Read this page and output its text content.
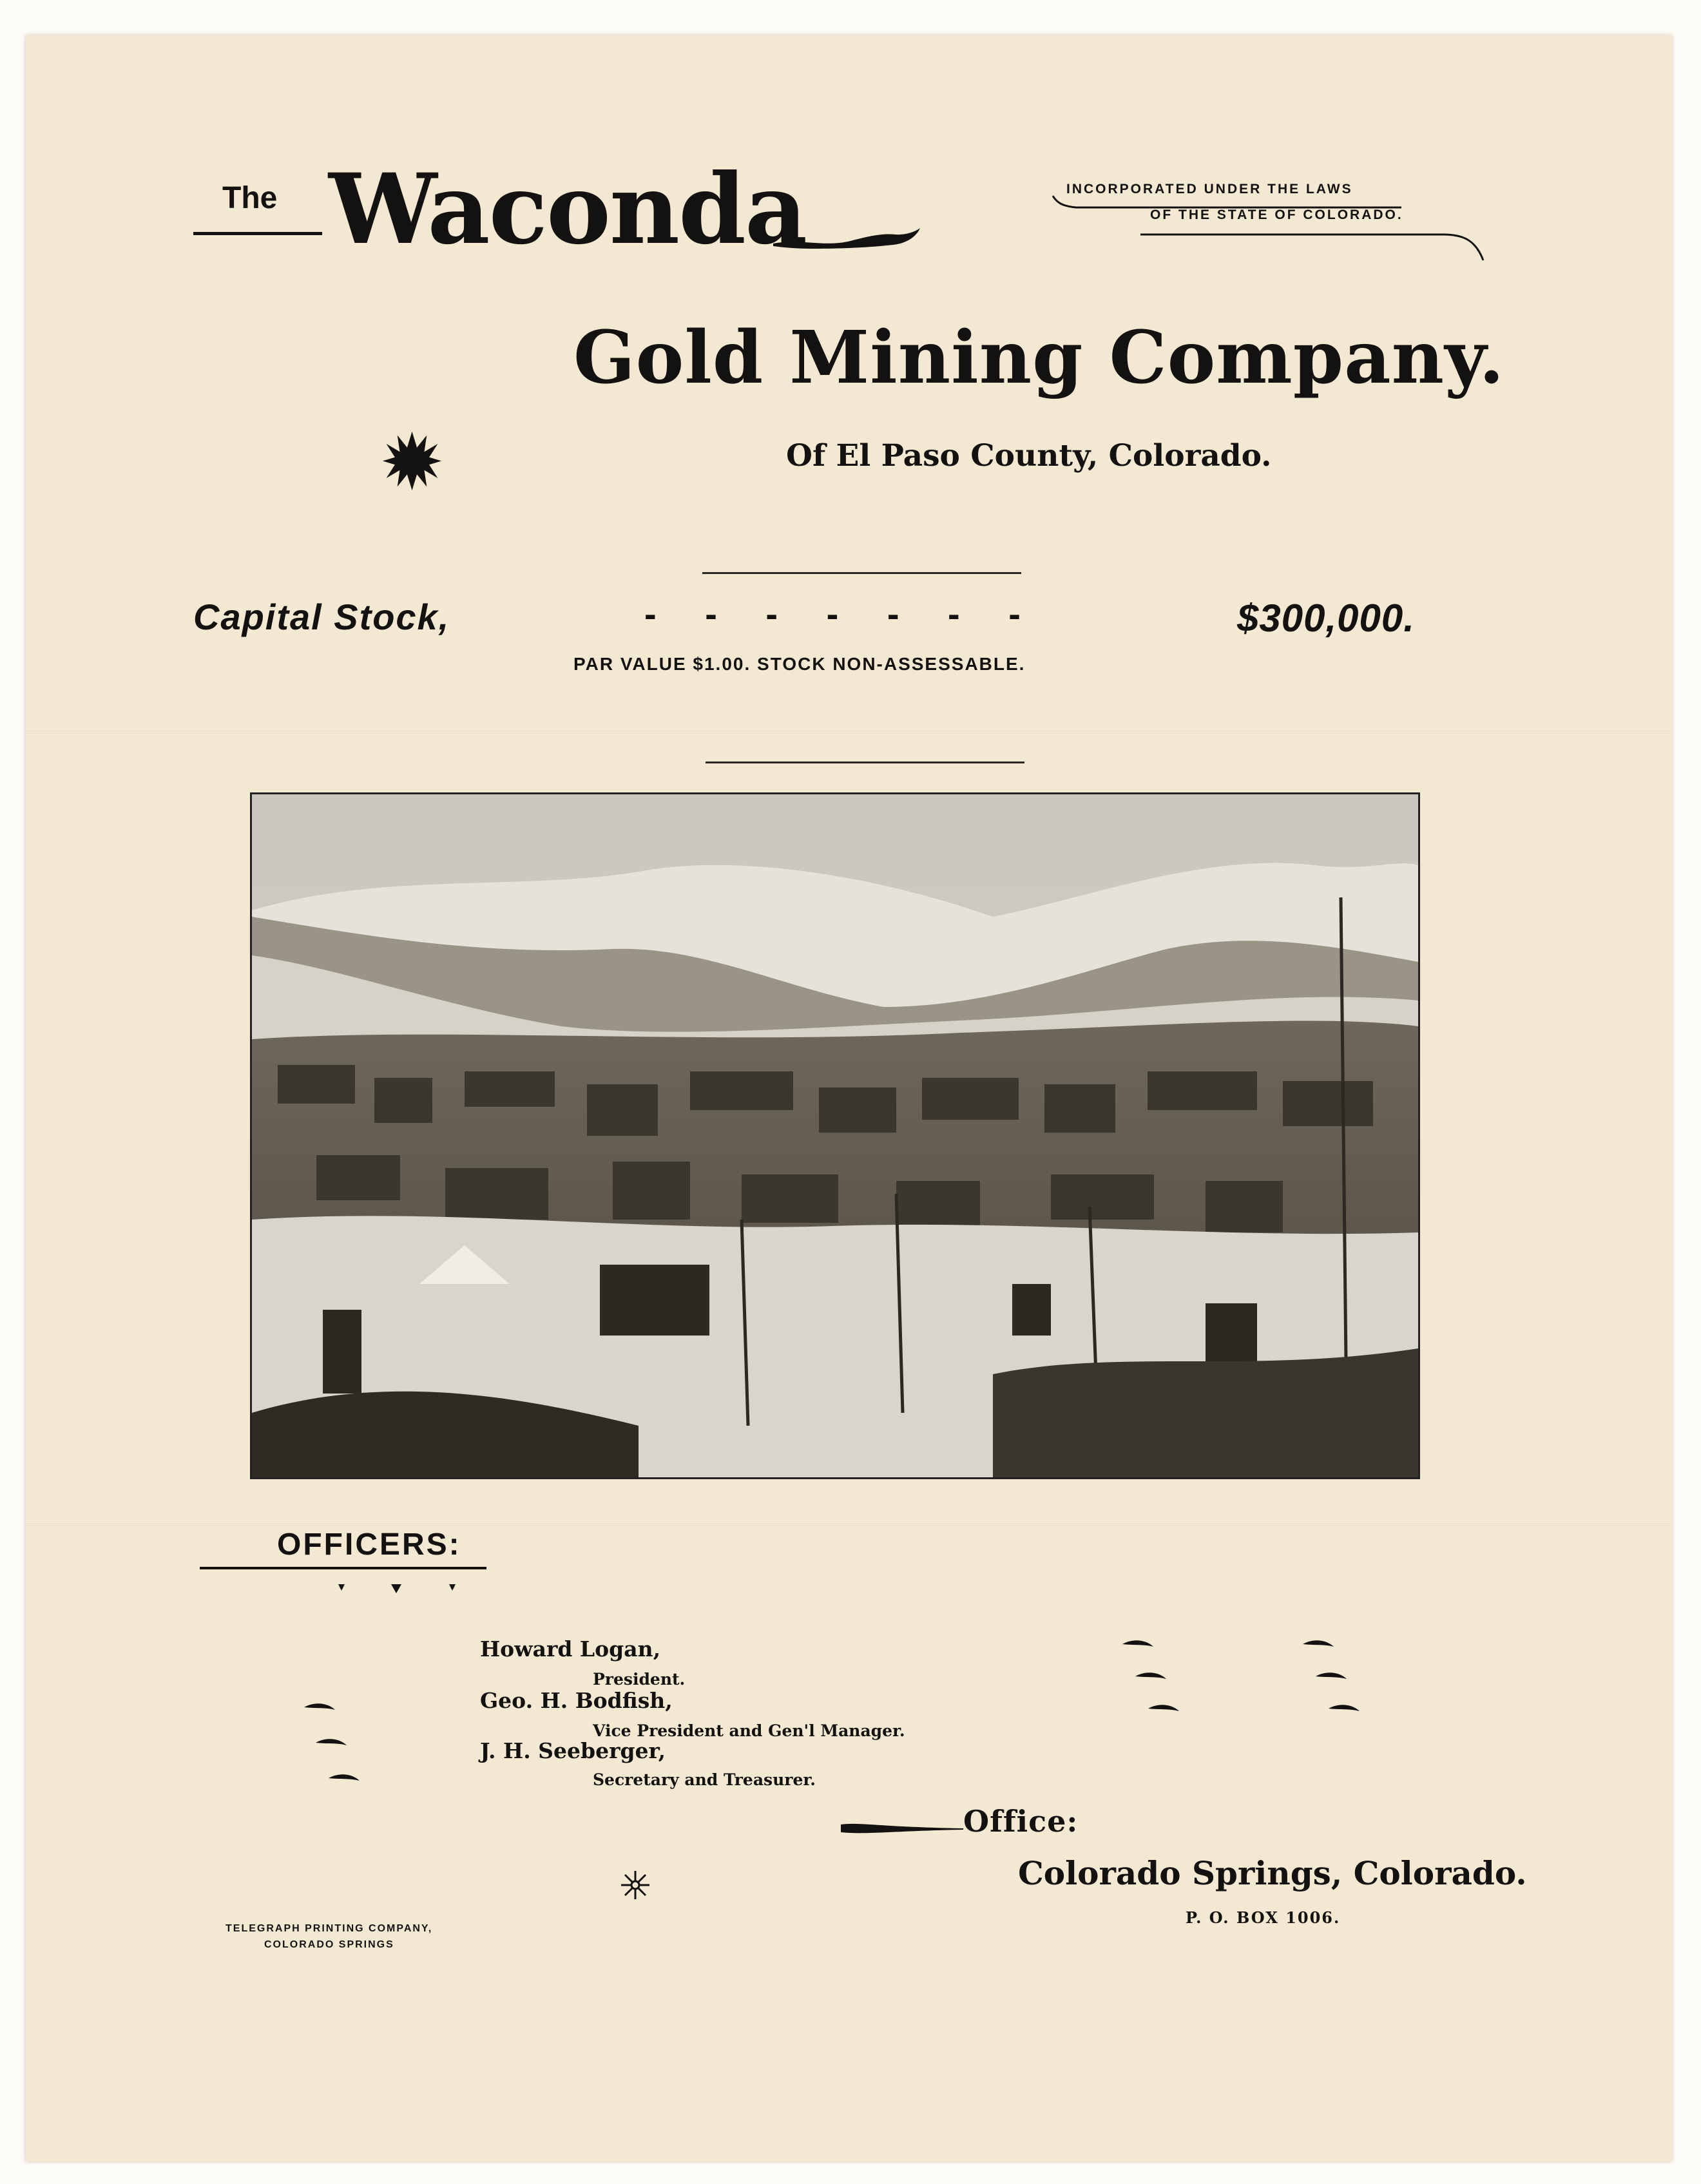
The Waconda	INCORPORATED UNDER THE LAWS
OF THE STATE OF COLORADO.
Gold Mining Company.
Of El Paso County, Colorado.
Capital Stock,	- - - - - - -	$300,000.
PAR VALUE $1.00. STOCK NON-ASSESSABLE.
OFFICERS:
Howard Logan,
President.
Geo. H. Bodfish,
Vice President and Gen'l Manager.
J. H. Seeberger,
Secretary and Treasurer.
Office:
Colorado Springs, Colorado.
P. O. BOX 1006.
TELEGRAPH PRINTING COMPANY,
COLORADO SPRINGS
